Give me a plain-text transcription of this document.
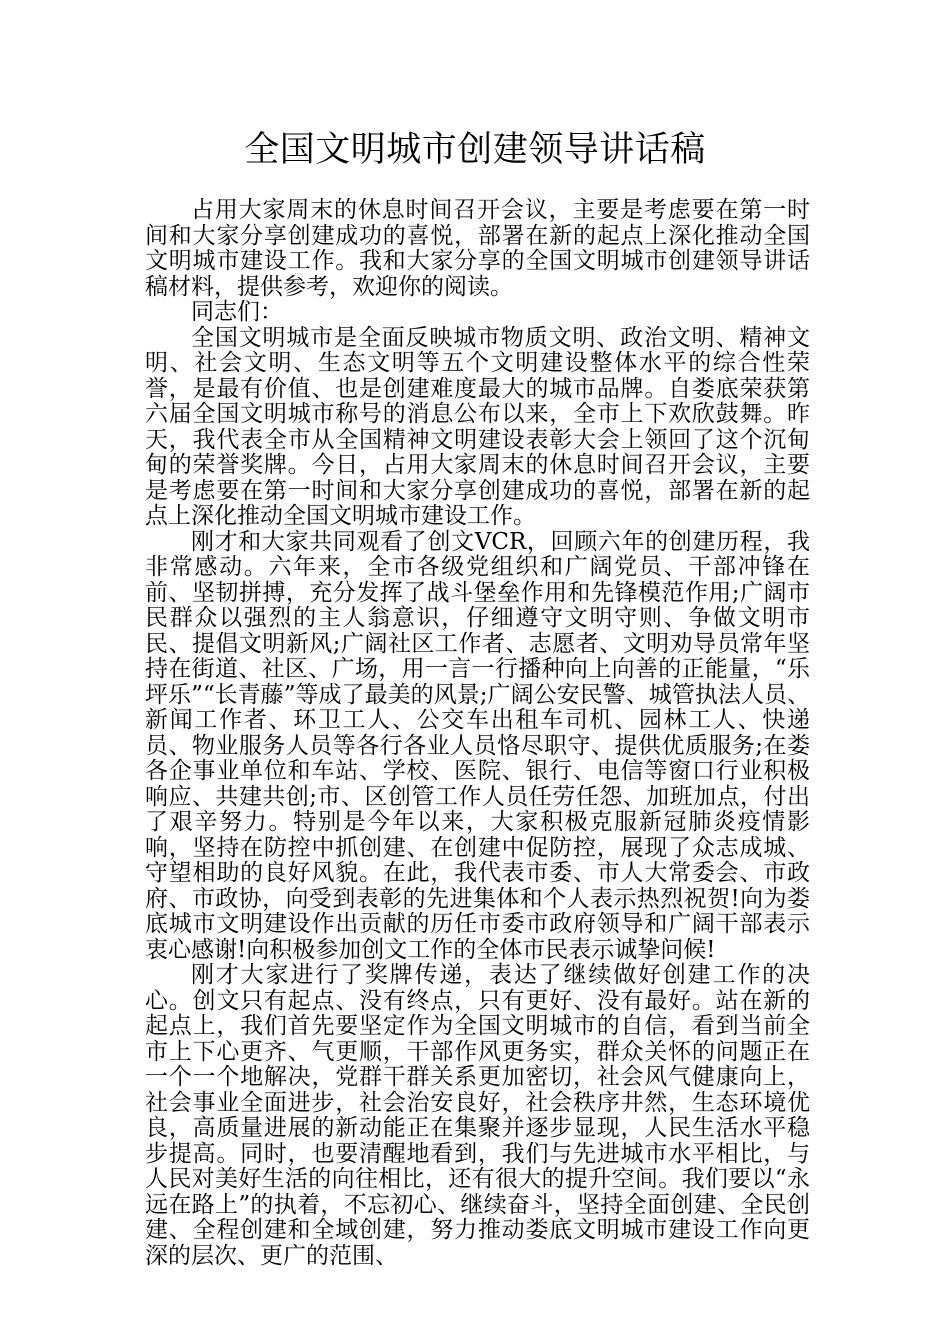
全国文明城市创建领导讲话稿

占用大家周末的休息时间召开会议，主要是考虑要在第一时间和大家分享创建成功的喜悦，部署在新的起点上深化推动全国文明城市建设工作。我和大家分享的全国文明城市创建领导讲话稿材料，提供参考，欢迎你的阅读。

同志们：

全国文明城市是全面反映城市物质文明、政治文明、精神文明、社会文明、生态文明等五个文明建设整体水平的综合性荣誉，是最有价值、也是创建难度最大的城市品牌。自娄底荣获第六届全国文明城市称号的消息公布以来，全市上下欢欣鼓舞。昨天，我代表全市从全国精神文明建设表彰大会上领回了这个沉甸甸的荣誉奖牌。今日，占用大家周末的休息时间召开会议，主要是考虑要在第一时间和大家分享创建成功的喜悦，部署在新的起点上深化推动全国文明城市建设工作。

刚才和大家共同观看了创文VCR，回顾六年的创建历程，我非常感动。六年来，全市各级党组织和广阔党员、干部冲锋在前、坚韧拼搏，充分发挥了战斗堡垒作用和先锋模范作用;广阔市民群众以强烈的主人翁意识，仔细遵守文明守则、争做文明市民、提倡文明新风;广阔社区工作者、志愿者、文明劝导员常年坚持在街道、社区、广场，用一言一行播种向上向善的正能量，“乐坪乐”“长青藤”等成了最美的风景;广阔公安民警、城管执法人员、新闻工作者、环卫工人、公交车出租车司机、园林工人、快递员、物业服务人员等各行各业人员恪尽职守、提供优质服务;在娄各企事业单位和车站、学校、医院、银行、电信等窗口行业积极响应、共建共创;市、区创管工作人员任劳任怨、加班加点，付出了艰辛努力。特别是今年以来，大家积极克服新冠肺炎疫情影响，坚持在防控中抓创建、在创建中促防控，展现了众志成城、守望相助的良好风貌。在此，我代表市委、市人大常委会、市政府、市政协，向受到表彰的先进集体和个人表示热烈祝贺!向为娄底城市文明建设作出贡献的历任市委市政府领导和广阔干部表示衷心感谢!向积极参加创文工作的全体市民表示诚挚问候!

刚才大家进行了奖牌传递，表达了继续做好创建工作的决心。创文只有起点、没有终点，只有更好、没有最好。站在新的起点上，我们首先要坚定作为全国文明城市的自信，看到当前全市上下心更齐、气更顺，干部作风更务实，群众关怀的问题正在一个一个地解决，党群干群关系更加密切，社会风气健康向上，社会事业全面进步，社会治安良好，社会秩序井然，生态环境优良，高质量进展的新动能正在集聚并逐步显现，人民生活水平稳步提高。同时，也要清醒地看到，我们与先进城市水平相比，与人民对美好生活的向往相比，还有很大的提升空间。我们要以“永远在路上”的执着，不忘初心、继续奋斗，坚持全面创建、全民创建、全程创建和全域创建，努力推动娄底文明城市建设工作向更深的层次、更广的范围、
